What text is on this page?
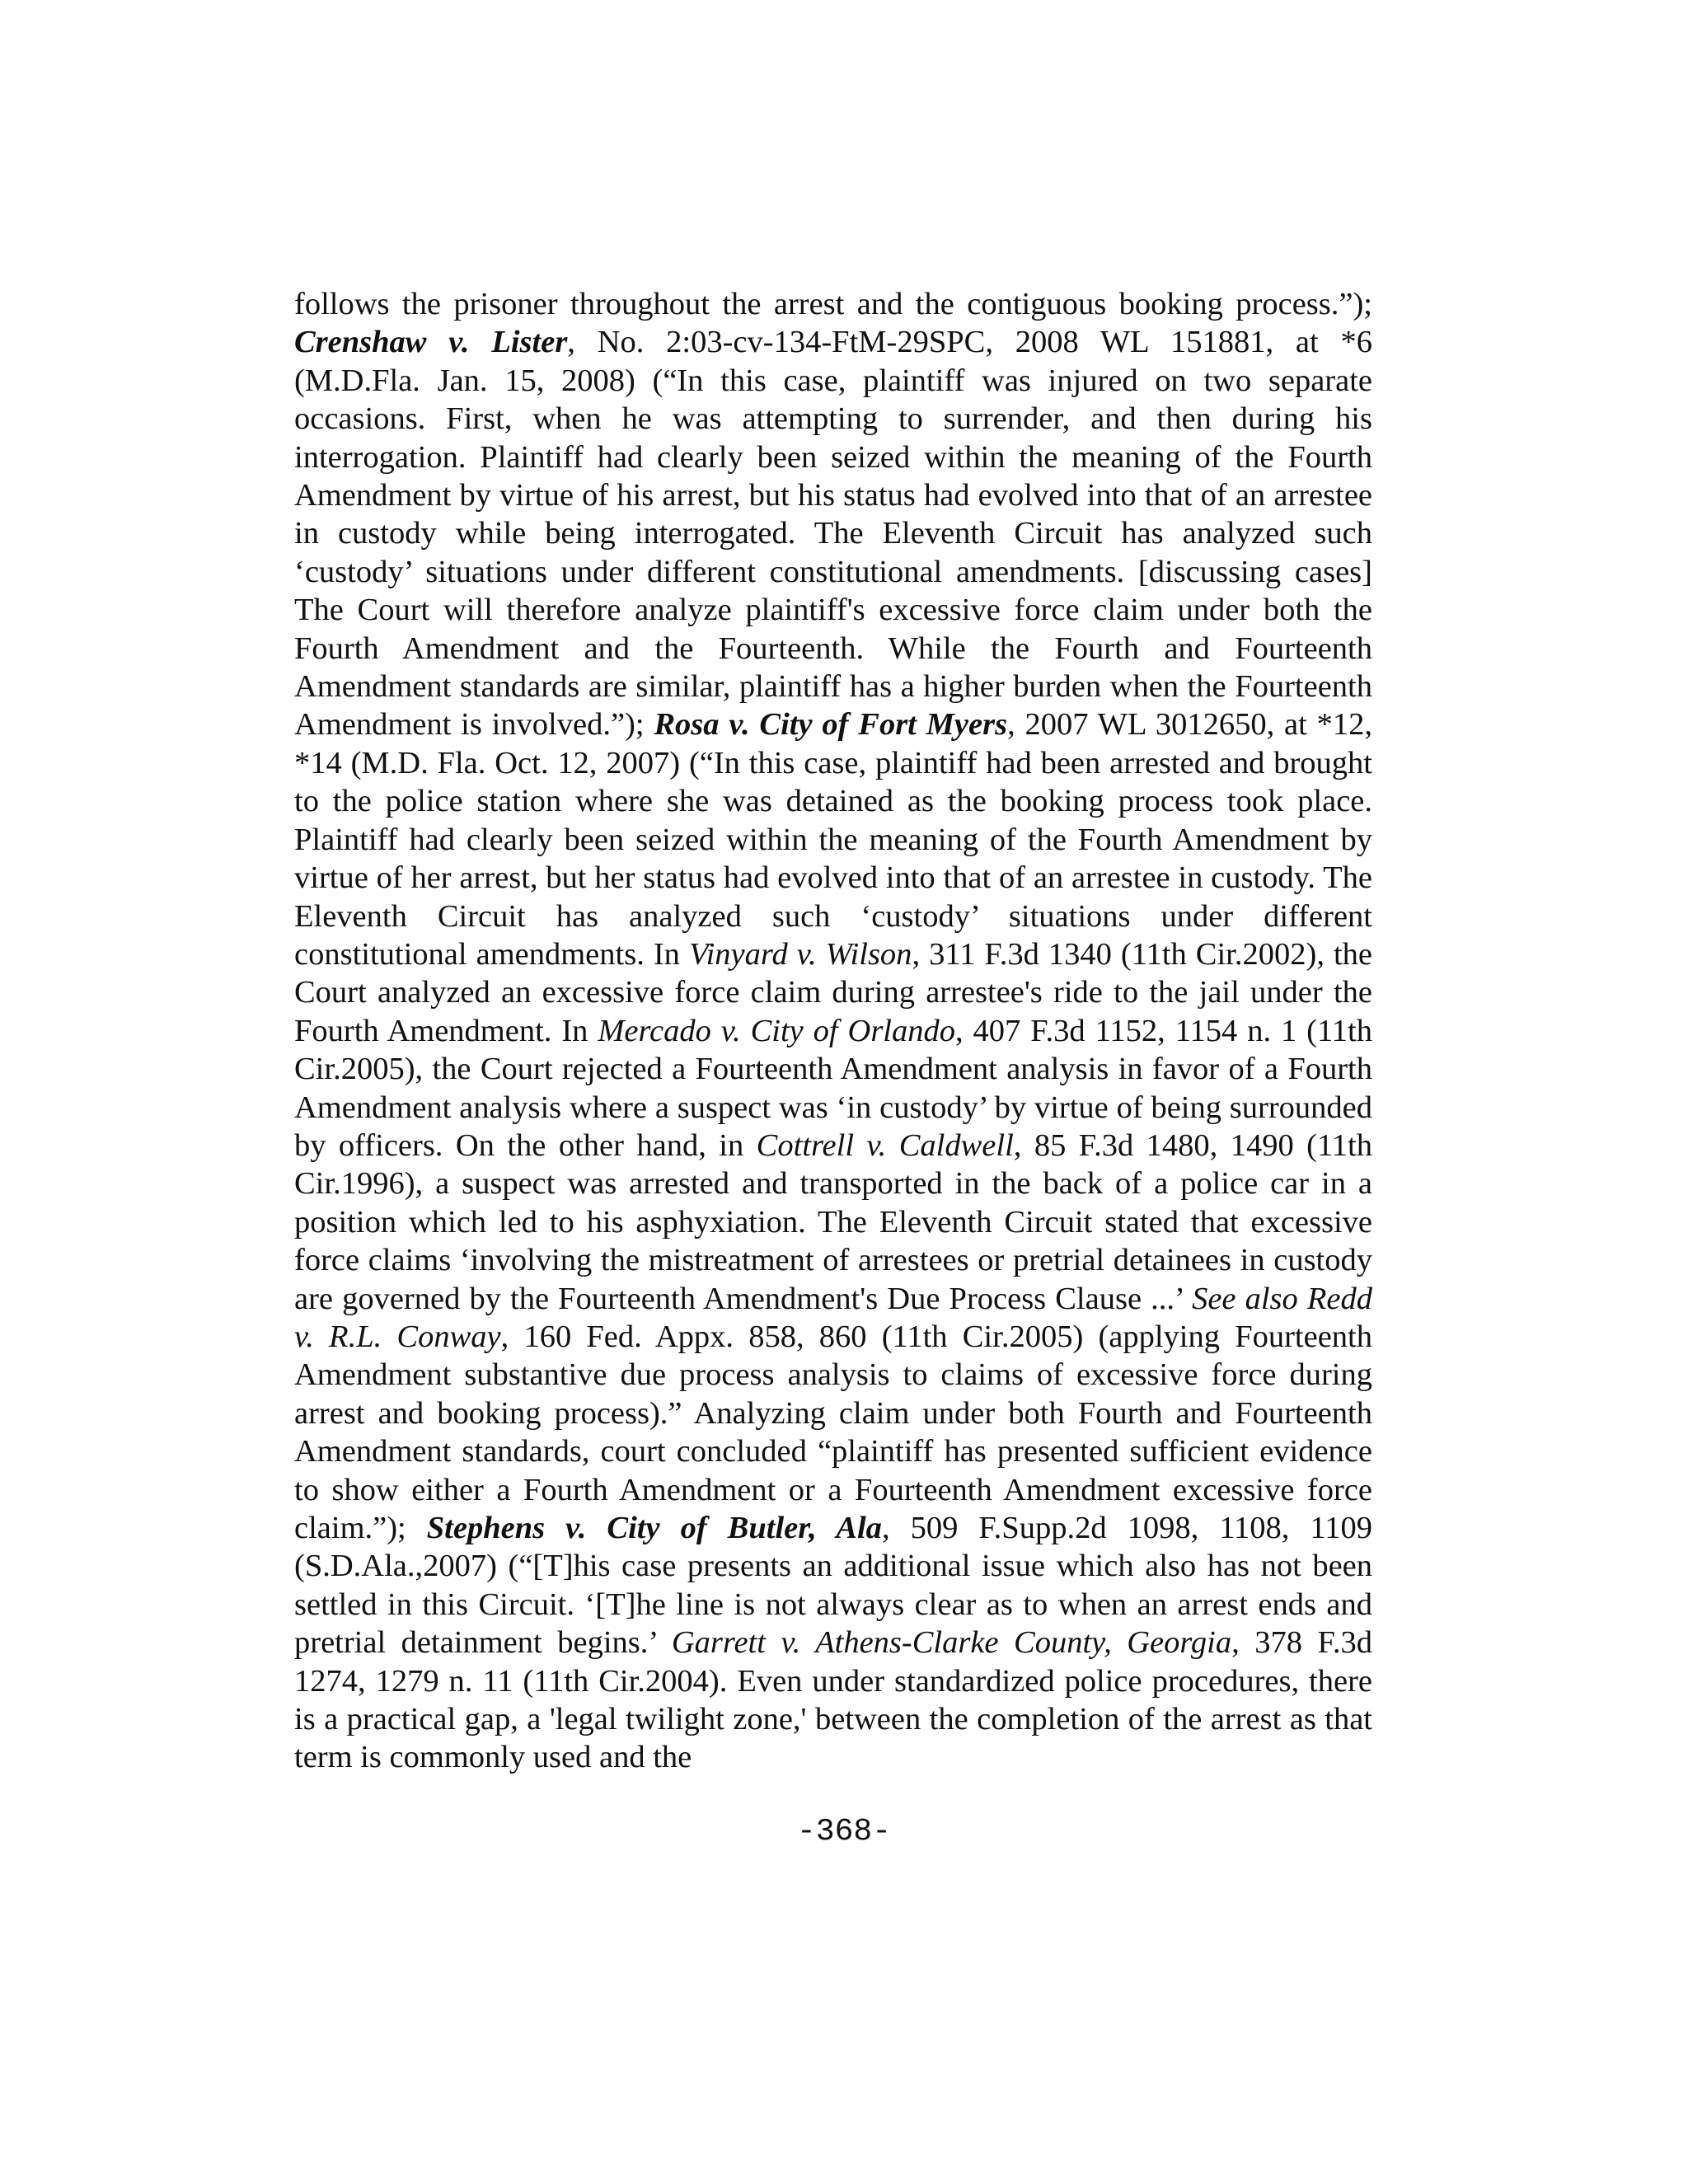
follows the prisoner throughout the arrest and the contiguous booking process.”); Crenshaw v. Lister, No. 2:03-cv-134-FtM-29SPC, 2008 WL 151881, at *6 (M.D.Fla. Jan. 15, 2008) (“In this case, plaintiff was injured on two separate occasions. First, when he was attempting to surrender, and then during his interrogation. Plaintiff had clearly been seized within the meaning of the Fourth Amendment by virtue of his arrest, but his status had evolved into that of an arrestee in custody while being interrogated. The Eleventh Circuit has analyzed such ‘custody’ situations under different constitutional amendments. [discussing cases] The Court will therefore analyze plaintiff's excessive force claim under both the Fourth Amendment and the Fourteenth. While the Fourth and Fourteenth Amendment standards are similar, plaintiff has a higher burden when the Fourteenth Amendment is involved.”); Rosa v. City of Fort Myers, 2007 WL 3012650, at *12, *14 (M.D. Fla. Oct. 12, 2007) (“In this case, plaintiff had been arrested and brought to the police station where she was detained as the booking process took place. Plaintiff had clearly been seized within the meaning of the Fourth Amendment by virtue of her arrest, but her status had evolved into that of an arrestee in custody. The Eleventh Circuit has analyzed such ‘custody’ situations under different constitutional amendments. In Vinyard v. Wilson, 311 F.3d 1340 (11th Cir.2002), the Court analyzed an excessive force claim during arrestee's ride to the jail under the Fourth Amendment. In Mercado v. City of Orlando, 407 F.3d 1152, 1154 n. 1 (11th Cir.2005), the Court rejected a Fourteenth Amendment analysis in favor of a Fourth Amendment analysis where a suspect was ‘in custody’ by virtue of being surrounded by officers. On the other hand, in Cottrell v. Caldwell, 85 F.3d 1480, 1490 (11th Cir.1996), a suspect was arrested and transported in the back of a police car in a position which led to his asphyxiation. The Eleventh Circuit stated that excessive force claims ‘involving the mistreatment of arrestees or pretrial detainees in custody are governed by the Fourteenth Amendment's Due Process Clause ...’ See also Redd v. R.L. Conway, 160 Fed. Appx. 858, 860 (11th Cir.2005) (applying Fourteenth Amendment substantive due process analysis to claims of excessive force during arrest and booking process).” Analyzing claim under both Fourth and Fourteenth Amendment standards, court concluded “plaintiff has presented sufficient evidence to show either a Fourth Amendment or a Fourteenth Amendment excessive force claim.”); Stephens v. City of Butler, Ala, 509 F.Supp.2d 1098, 1108, 1109 (S.D.Ala.,2007) (“[T]his case presents an additional issue which also has not been settled in this Circuit. ‘[T]he line is not always clear as to when an arrest ends and pretrial detainment begins.’ Garrett v. Athens-Clarke County, Georgia, 378 F.3d 1274, 1279 n. 11 (11th Cir.2004). Even under standardized police procedures, there is a practical gap, a 'legal twilight zone,' between the completion of the arrest as that term is commonly used and the

-368-
